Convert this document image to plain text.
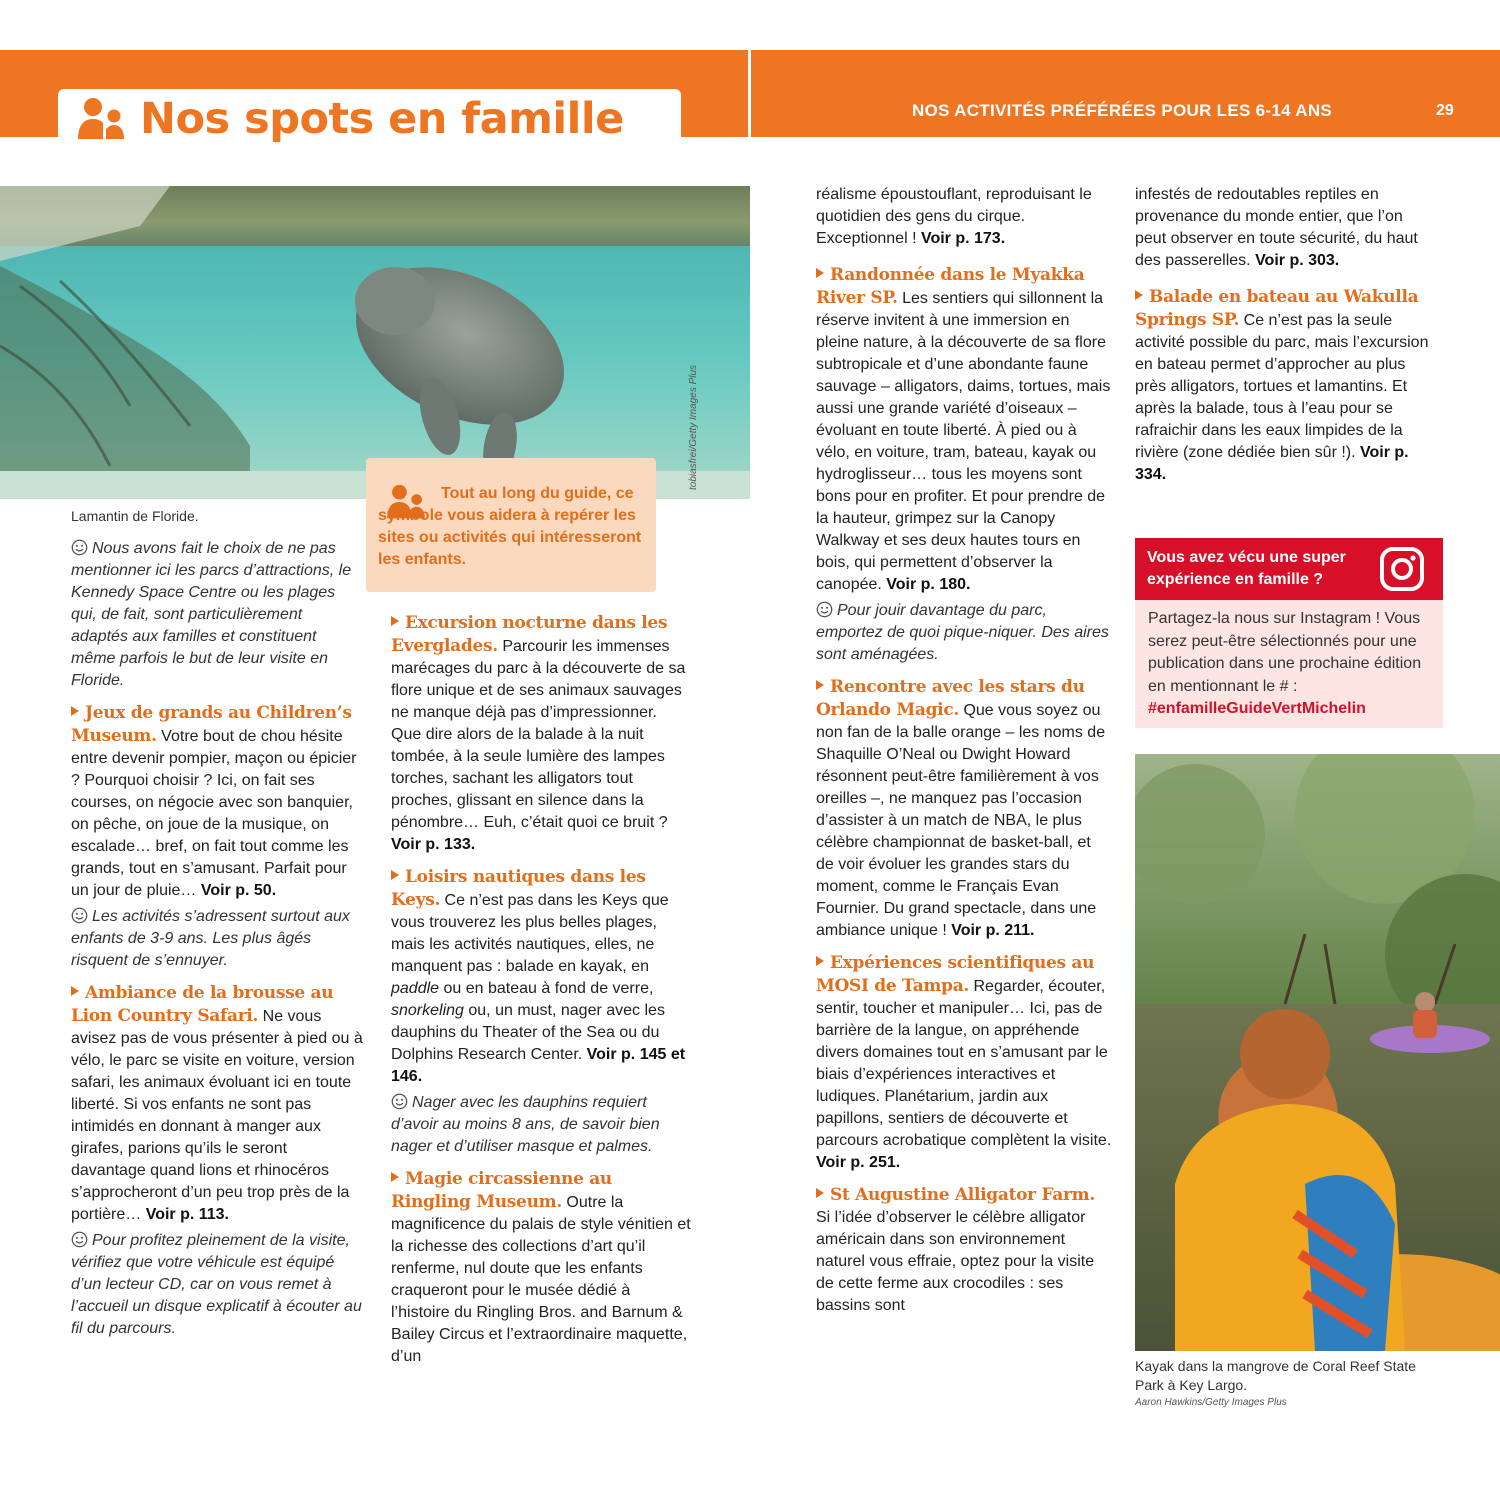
Nos spots en famille	NOS ACTIVITÉS PRÉFÉRÉES POUR LES 6-14 ANS	29
tobiasfrei/Getty Images Plus
Lamantin de Floride.

Tout au long du guide, ce symbole vous aidera à repérer les sites ou activités qui intéresseront les enfants.

Nous avons fait le choix de ne pas mentionner ici les parcs d’attractions, le Kennedy Space Centre ou les plages qui, de fait, sont particulièrement adaptés aux familles et constituent même parfois le but de leur visite en Floride.

Jeux de grands au Children’s Museum. Votre bout de chou hésite entre devenir pompier, maçon ou épicier ? Pourquoi choisir ? Ici, on fait ses courses, on négocie avec son banquier, on pêche, on joue de la musique, on escalade… bref, on fait tout comme les grands, tout en s’amusant. Parfait pour un jour de pluie… Voir p. 50.

Les activités s’adressent surtout aux enfants de 3-9 ans. Les plus âgés risquent de s’ennuyer.

Ambiance de la brousse au Lion Country Safari. Ne vous avisez pas de vous présenter à pied ou à vélo, le parc se visite en voiture, version safari, les animaux évoluant ici en toute liberté. Si vos enfants ne sont pas intimidés en donnant à manger aux girafes, parions qu’ils le seront davantage quand lions et rhinocéros s’approcheront d’un peu trop près de la portière… Voir p. 113.

Pour profitez pleinement de la visite, vérifiez que votre véhicule est équipé d’un lecteur CD, car on vous remet à l’accueil un disque explicatif à écouter au fil du parcours.

Excursion nocturne dans les Everglades. Parcourir les immenses marécages du parc à la découverte de sa flore unique et de ses animaux sauvages ne manque déjà pas d’impressionner. Que dire alors de la balade à la nuit tombée, à la seule lumière des lampes torches, sachant les alligators tout proches, glissant en silence dans la pénombre… Euh, c’était quoi ce bruit ? Voir p. 133.

Loisirs nautiques dans les Keys. Ce n’est pas dans les Keys que vous trouverez les plus belles plages, mais les activités nautiques, elles, ne manquent pas : balade en kayak, en paddle ou en bateau à fond de verre, snorkeling ou, un must, nager avec les dauphins du Theater of the Sea ou du Dolphins Research Center. Voir p. 145 et 146.

Nager avec les dauphins requiert d’avoir au moins 8 ans, de savoir bien nager et d’utiliser masque et palmes.

Magie circassienne au Ringling Museum. Outre la magnificence du palais de style vénitien et la richesse des collections d’art qu’il renferme, nul doute que les enfants craqueront pour le musée dédié à l’histoire du Ringling Bros. and Barnum & Bailey Circus et l’extraordinaire maquette, d’un

réalisme époustouflant, reproduisant le quotidien des gens du cirque. Exceptionnel ! Voir p. 173.

Randonnée dans le Myakka River SP. Les sentiers qui sillonnent la réserve invitent à une immersion en pleine nature, à la découverte de sa flore subtropicale et d’une abondante faune sauvage – alligators, daims, tortues, mais aussi une grande variété d’oiseaux – évoluant en toute liberté. À pied ou à vélo, en voiture, tram, bateau, kayak ou hydroglisseur… tous les moyens sont bons pour en profiter. Et pour prendre de la hauteur, grimpez sur la Canopy Walkway et ses deux hautes tours en bois, qui permettent d’observer la canopée. Voir p. 180.

Pour jouir davantage du parc, emportez de quoi pique-niquer. Des aires sont aménagées.

Rencontre avec les stars du Orlando Magic. Que vous soyez ou non fan de la balle orange – les noms de Shaquille O’Neal ou Dwight Howard résonnent peut-être familièrement à vos oreilles –, ne manquez pas l’occasion d’assister à un match de NBA, le plus célèbre championnat de basket-ball, et de voir évoluer les grandes stars du moment, comme le Français Evan Fournier. Du grand spectacle, dans une ambiance unique ! Voir p. 211.

Expériences scientifiques au MOSI de Tampa. Regarder, écouter, sentir, toucher et manipuler… Ici, pas de barrière de la langue, on appréhende divers domaines tout en s’amusant par le biais d’expériences interactives et ludiques. Planétarium, jardin aux papillons, sentiers de découverte et parcours acrobatique complètent la visite. Voir p. 251.

St Augustine Alligator Farm. Si l’idée d’observer le célèbre alligator américain dans son environnement naturel vous effraie, optez pour la visite de cette ferme aux crocodiles : ses bassins sont

infestés de redoutables reptiles en provenance du monde entier, que l’on peut observer en toute sécurité, du haut des passerelles. Voir p. 303.

Balade en bateau au Wakulla Springs SP. Ce n’est pas la seule activité possible du parc, mais l’excursion en bateau permet d’approcher au plus près alligators, tortues et lamantins. Et après la balade, tous à l’eau pour se rafraichir dans les eaux limpides de la rivière (zone dédiée bien sûr !). Voir p. 334.

Vous avez vécu une super expérience en famille ?

Partagez-la nous sur Instagram ! Vous serez peut-être sélectionnés pour une publication dans une prochaine édition en mentionnant le # : #enfamilleGuideVertMichelin

Kayak dans la mangrove de Coral Reef State Park à Key Largo.
Aaron Hawkins/Getty Images Plus
